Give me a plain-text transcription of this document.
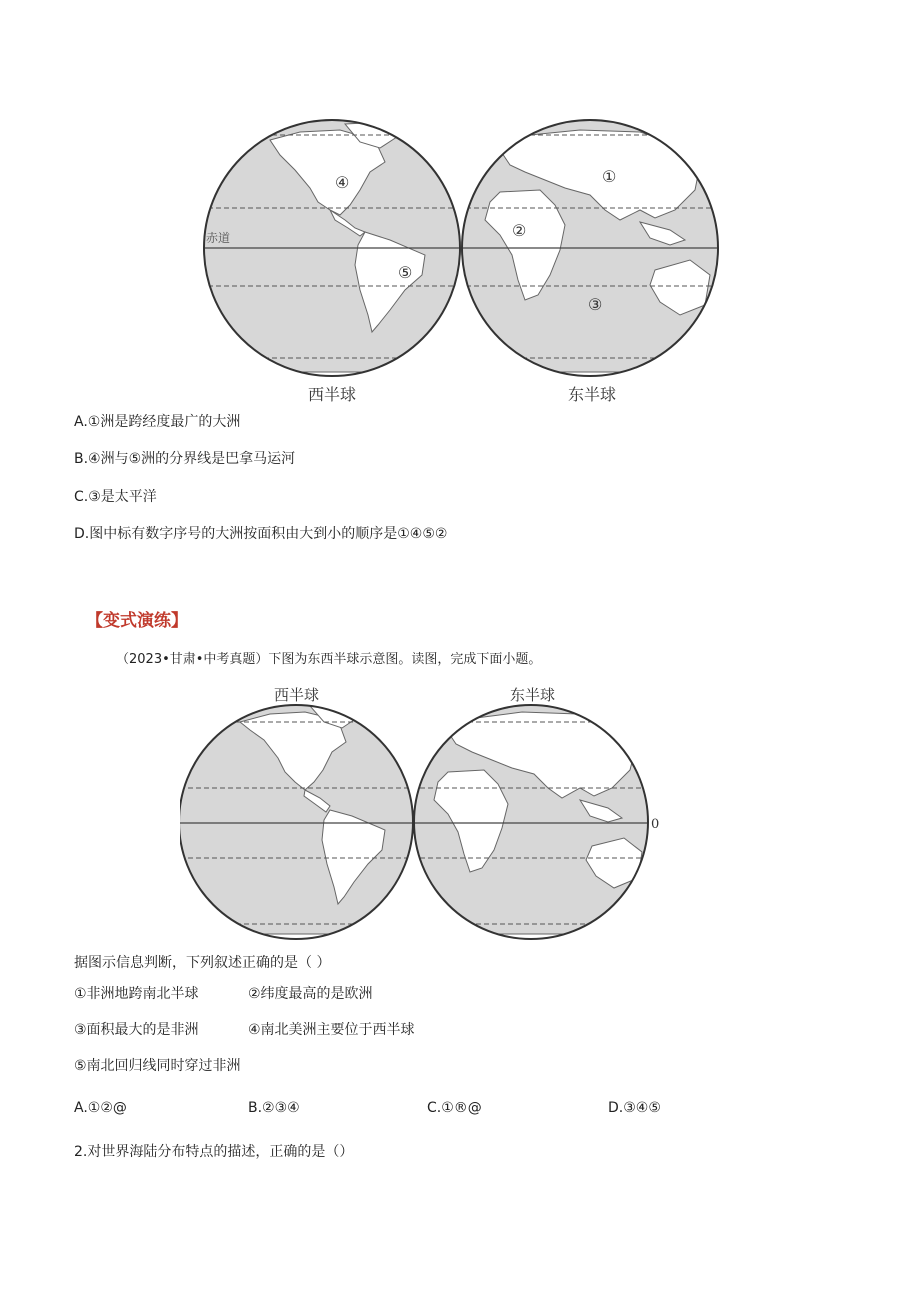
④
⑤
赤道
①
②
③
西半球	东半球
A.①洲是跨经度最广的大洲
B.④洲与⑤洲的分界线是巴拿马运河
C.③是太平洋
D.图中标有数字序号的大洲按面积由大到小的顺序是①④⑤②
【变式演练】
（2023•甘肃•中考真题）下图为东西半球示意图。读图，完成下面小题。
西半球	东半球
0
据图示信息判断，下列叙述正确的是（ ）
①非洲地跨南北半球	②纬度最高的是欧洲
③面积最大的是非洲	④南北美洲主要位于西半球
⑤南北回归线同时穿过非洲
A.①②@	B.②③④	C.①®@	D.③④⑤
2.对世界海陆分布特点的描述，正确的是（）
